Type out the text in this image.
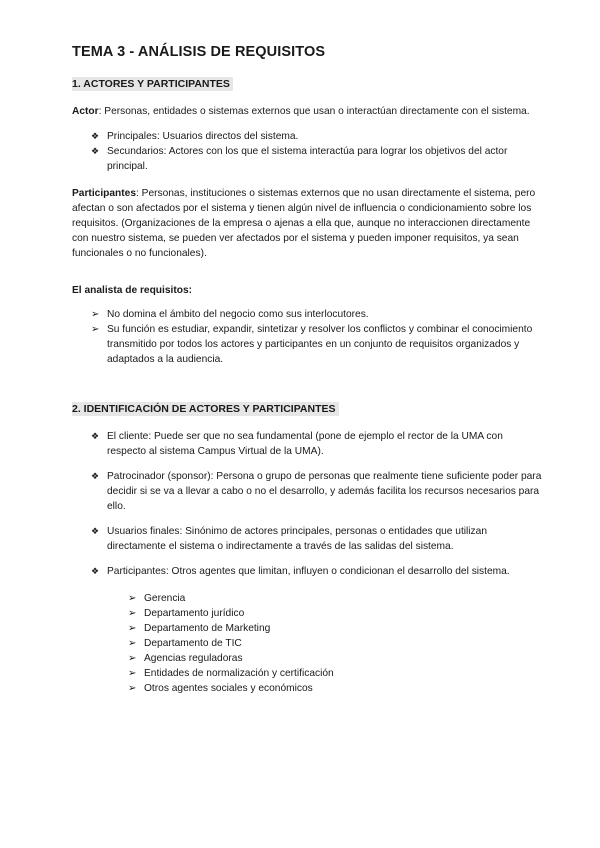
TEMA 3 - ANÁLISIS DE REQUISITOS
1. ACTORES Y PARTICIPANTES

Actor: Personas, entidades o sistemas externos que usan o interactúan directamente con el sistema.

❖ Principales: Usuarios directos del sistema.
❖ Secundarios: Actores con los que el sistema interactúa para lograr los objetivos del actor principal.

Participantes: Personas, instituciones o sistemas externos que no usan directamente el sistema, pero afectan o son afectados por el sistema y tienen algún nivel de influencia o condicionamiento sobre los requisitos. (Organizaciones de la empresa o ajenas a ella que, aunque no interaccionen directamente con nuestro sistema, se pueden ver afectados por el sistema y pueden imponer requisitos, ya sean funcionales o no funcionales).

El analista de requisitos:

➢ No domina el ámbito del negocio como sus interlocutores.
➢ Su función es estudiar, expandir, sintetizar y resolver los conflictos y combinar el conocimiento transmitido por todos los actores y participantes en un conjunto de requisitos organizados y adaptados a la audiencia.
2. IDENTIFICACIÓN DE ACTORES Y PARTICIPANTES
❖ El cliente: Puede ser que no sea fundamental (pone de ejemplo el rector de la UMA con respecto al sistema Campus Virtual de la UMA).
❖ Patrocinador (sponsor): Persona o grupo de personas que realmente tiene suficiente poder para decidir si se va a llevar a cabo o no el desarrollo, y además facilita los recursos necesarios para ello.
❖ Usuarios finales: Sinónimo de actores principales, personas o entidades que utilizan directamente el sistema o indirectamente a través de las salidas del sistema.
❖ Participantes: Otros agentes que limitan, influyen o condicionan el desarrollo del sistema.
➢ Gerencia
➢ Departamento jurídico
➢ Departamento de Marketing
➢ Departamento de TIC
➢ Agencias reguladoras
➢ Entidades de normalización y certificación
➢ Otros agentes sociales y económicos
